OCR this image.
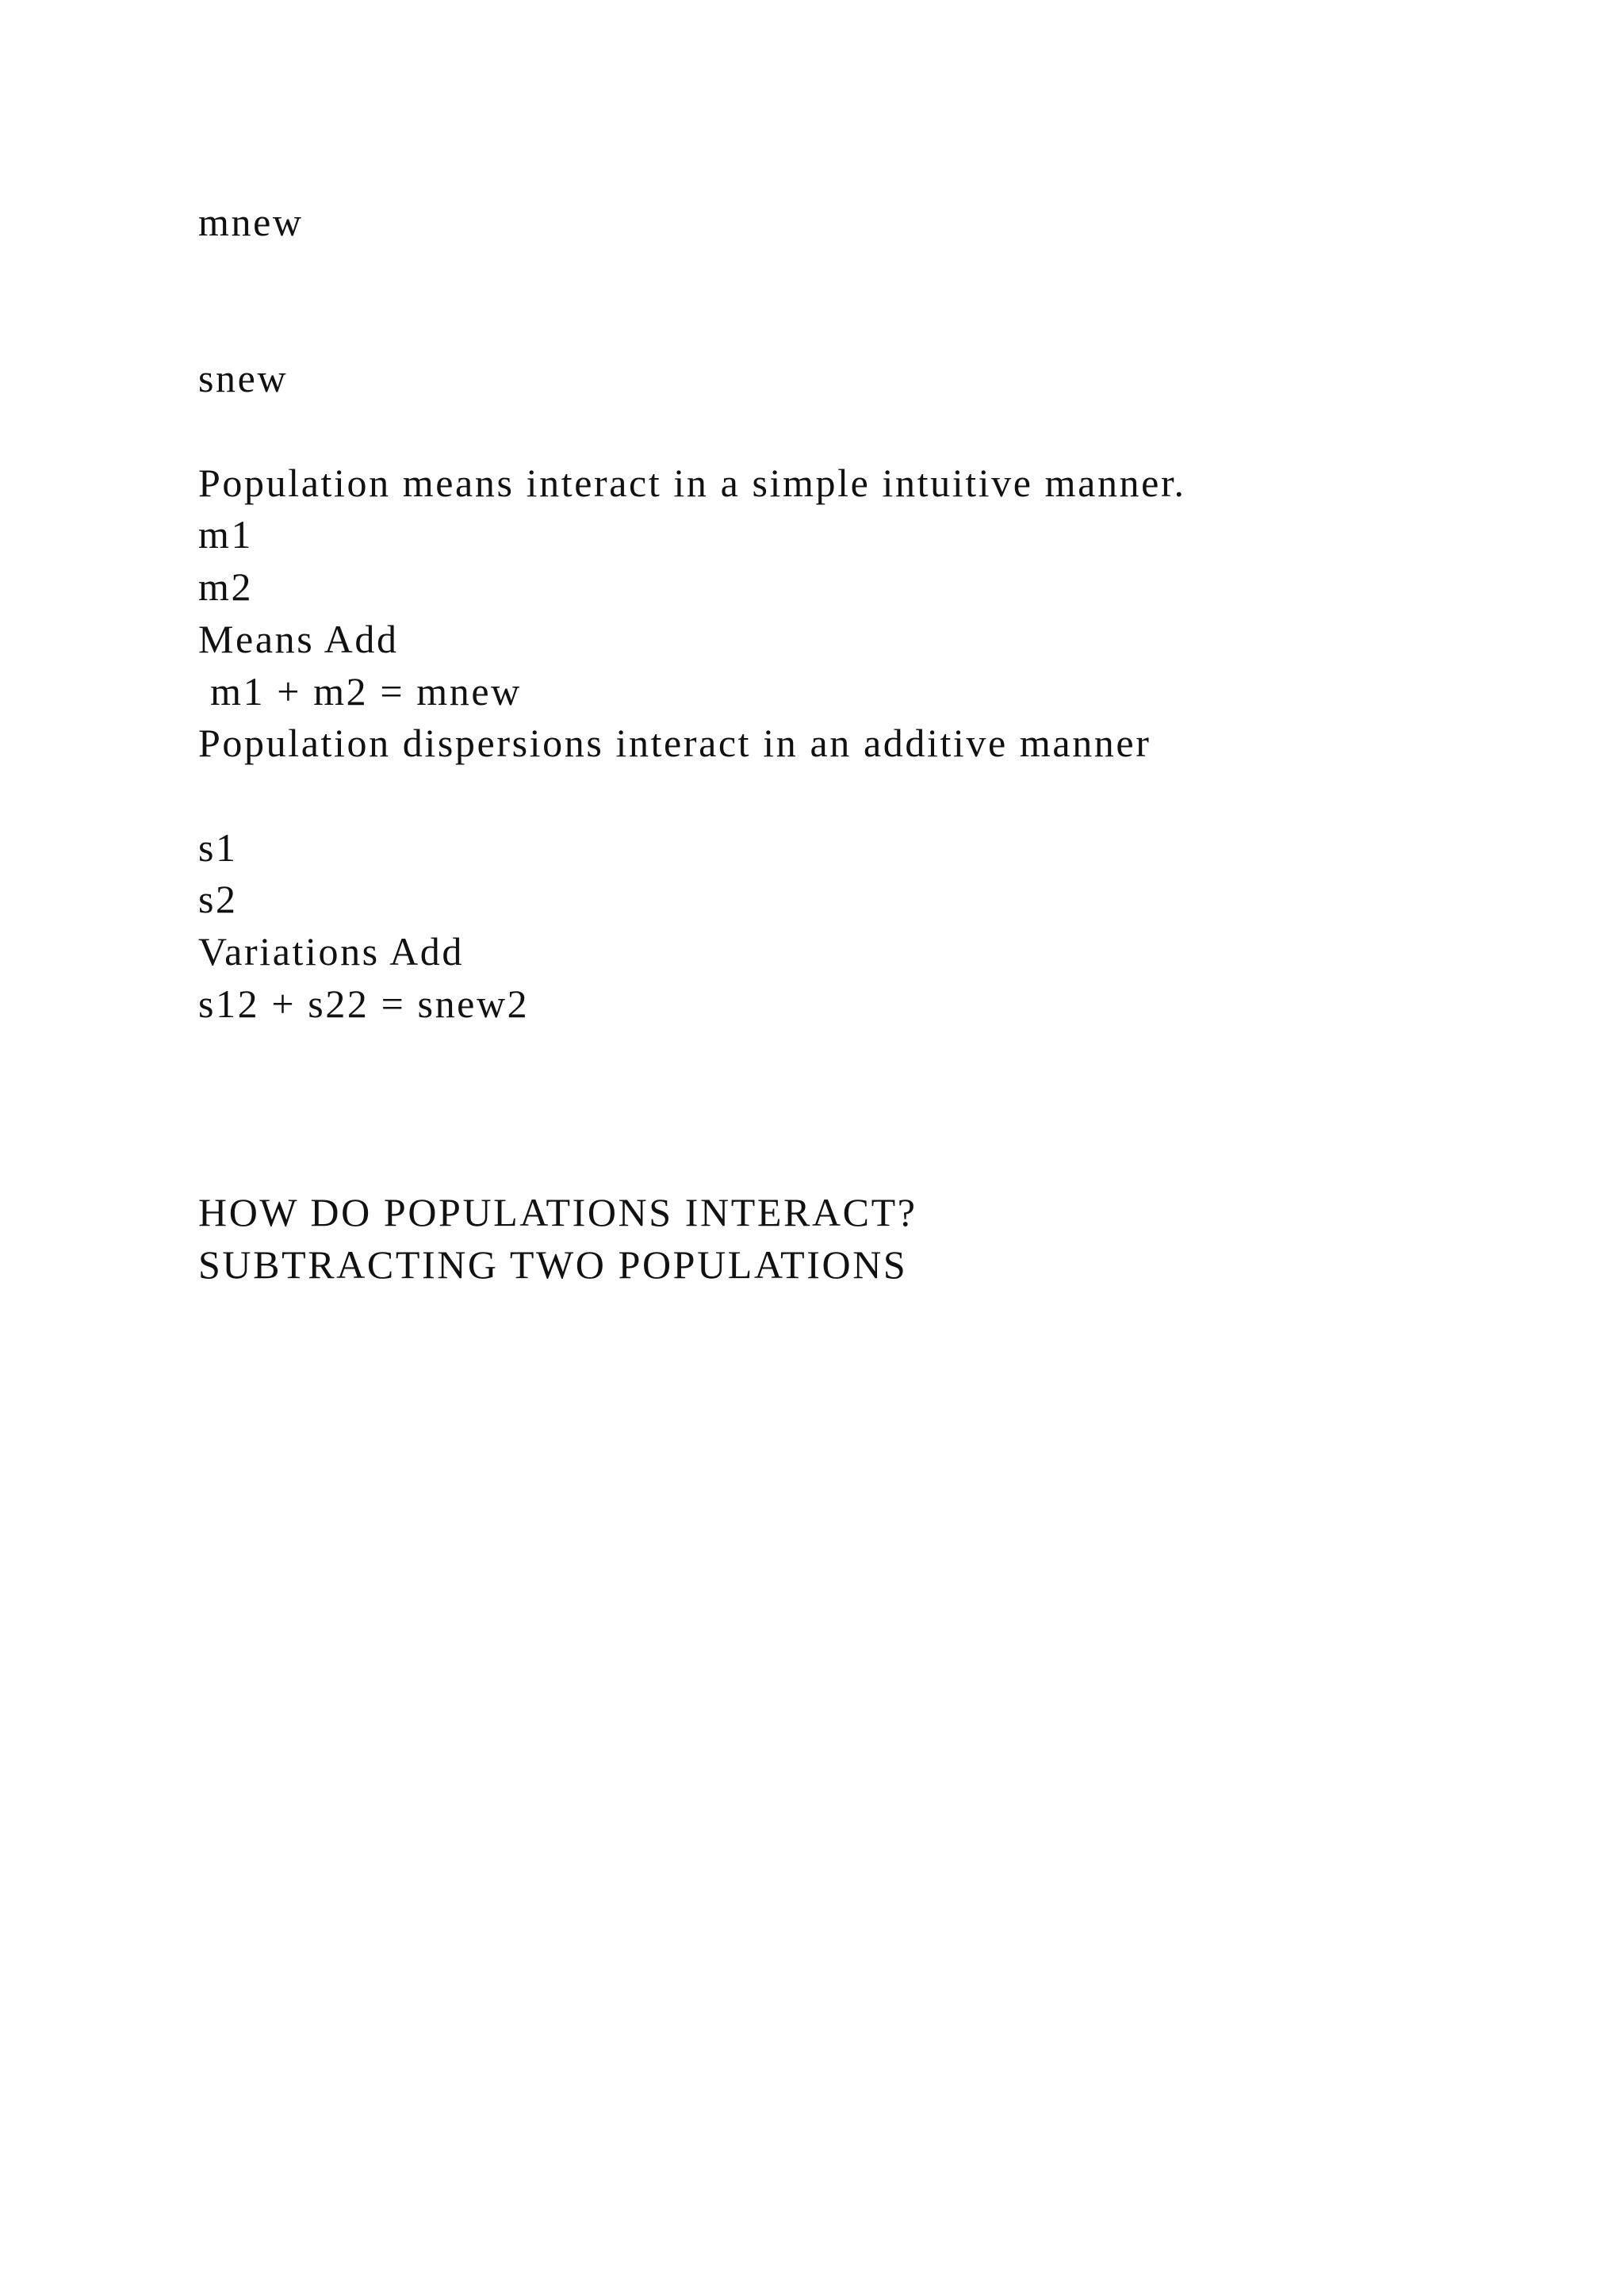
mnew

snew

Population means interact in a simple intuitive manner.

m1

m2

Means Add

m1 + m2 = mnew

Population dispersions interact in an additive manner

s1

s2

Variations Add

s12 + s22 = snew2

HOW DO POPULATIONS INTERACT?

SUBTRACTING TWO POPULATIONS
